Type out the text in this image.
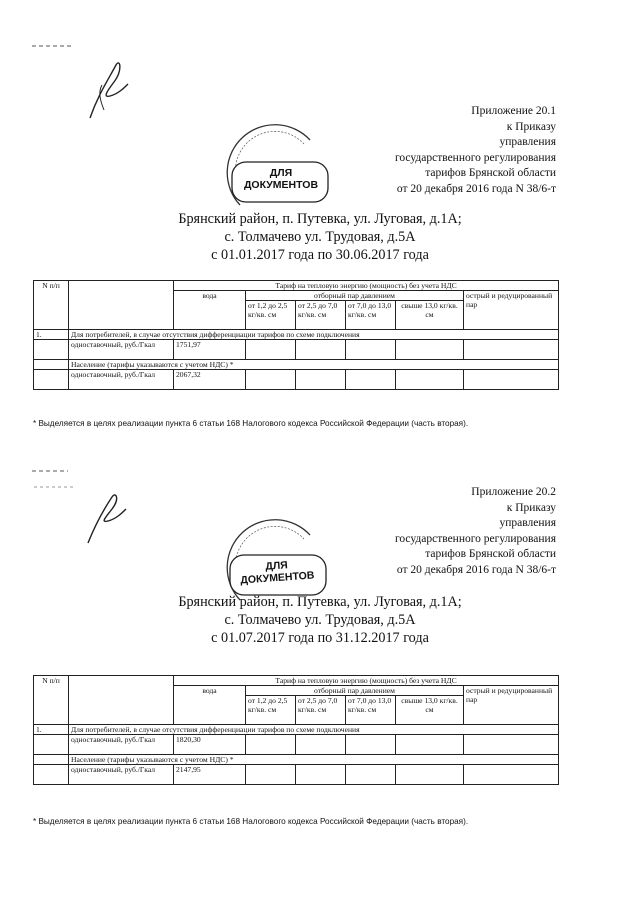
ДЛЯ
ДОКУМЕНТОВ
Приложение 20.1
к Приказу
управления
государственного регулирования
тарифов Брянской области
от 20 декабря 2016 года N 38/6-т
Брянский район, п. Путевка, ул. Луговая, д.1А;
с. Толмачево ул. Трудовая, д.5А
с 01.01.2017 года по 30.06.2017 года
N п/п		Тариф на тепловую энергию (мощность) без учета НДС					
		вода	отборный пар давлением				острый и редуцированный пар
			от 1,2 до 2,5 кг/кв. см	от 2,5 до 7,0 кг/кв. см	от 7,0 до 13,0 кг/кв. см	свыше 13,0 кг/кв. см	
1.	Для потребителей, в случае отсутствия дифференциации тарифов по схеме подключения						
	одноставочный, руб./Гкал	1751,97					
	Население (тарифы указываются с учетом НДС) *						
	одноставочный, руб./Гкал	2067,32					
* Выделяется в целях реализации пункта 6 статьи 168 Налогового кодекса Российской Федерации (часть вторая).
ДЛЯ
ДОКУМЕНТОВ
Приложение 20.2
к Приказу
управления
государственного регулирования
тарифов Брянской области
от 20 декабря 2016 года N 38/6-т
Брянский район, п. Путевка, ул. Луговая, д.1А;
с. Толмачево ул. Трудовая, д.5А
с 01.07.2017 года по 31.12.2017 года
N п/п		Тариф на тепловую энергию (мощность) без учета НДС					
		вода	отборный пар давлением				острый и редуцированный пар
			от 1,2 до 2,5 кг/кв. см	от 2,5 до 7,0 кг/кв. см	от 7,0 до 13,0 кг/кв. см	свыше 13,0 кг/кв. см	
1.	Для потребителей, в случае отсутствия дифференциации тарифов по схеме подключения						
	одноставочный, руб./Гкал	1820,30					
	Население (тарифы указываются с учетом НДС) *						
	одноставочный, руб./Гкал	2147,95					
* Выделяется в целях реализации пункта 6 статьи 168 Налогового кодекса Российской Федерации (часть вторая).
